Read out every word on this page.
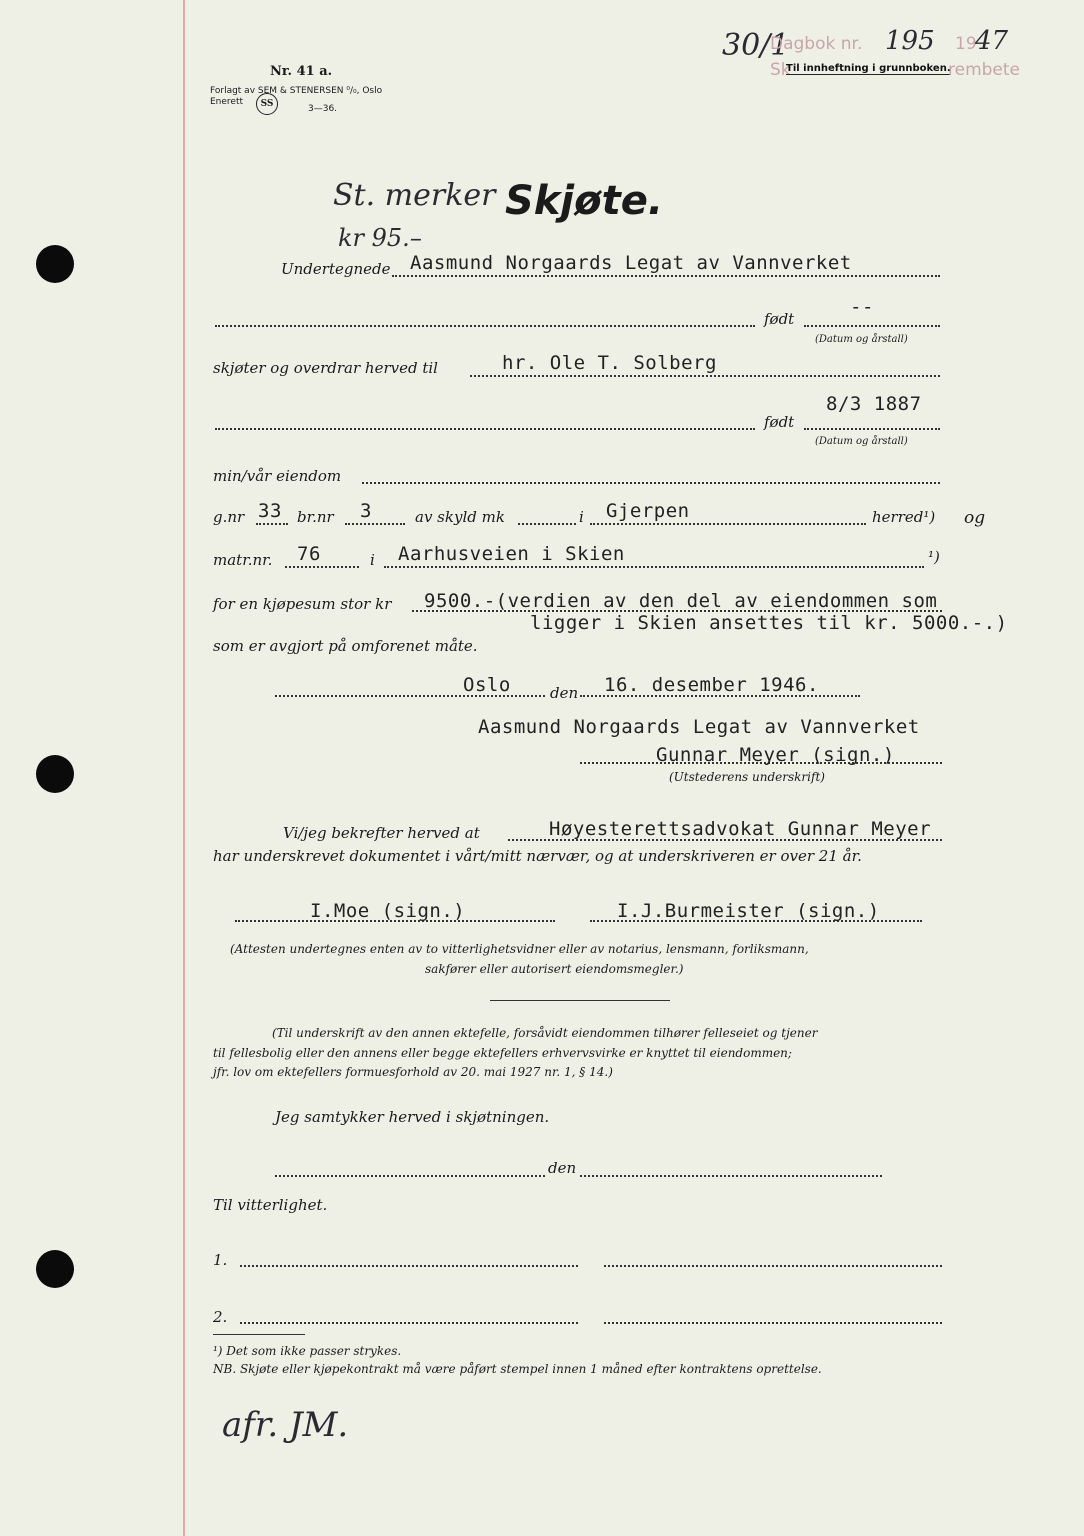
Nr. 41 a.
Forlagt av SEM & STENERSEN ⁰/₀, Oslo
Enerett	SS	3—36.
30/1
Dagbok nr. 195 19
47
Sk
Til innheftning i grunnboken.
rembete
St. merker
kr 95.–
Skjøte.
Undertegnede Aasmund Norgaards Legat av Vannverket
født
--
(Datum og årstall)
skjøter og overdrar herved til	hr. Ole T. Solberg
født
8/3 1887
(Datum og årstall)
min/vår eiendom
g.nr 33 br.nr 3	av skyld mk	i Gjerpen	herred¹) og
matr.nr. 76	i Aarhusveien i Skien	¹)
for en kjøpesum stor kr 9500.-(verdien av den del av eiendommen som
ligger i Skien ansettes til kr. 5000.-.)
som er avgjort på omforenet måte.
Oslo	den 16. desember 1946.
Aasmund Norgaards Legat av Vannverket
Gunnar Meyer (sign.)
(Utstederens underskrift)
Vi/jeg bekrefter herved at	Høyesterettsadvokat Gunnar Meyer
har underskrevet dokumentet i vårt/mitt nærvær, og at underskriveren er over 21 år.
I.Moe (sign.)	I.J.Burmeister (sign.)
(Attesten undertegnes enten av to vitterlighetsvidner eller av notarius, lensmann, forliksmann,
sakfører eller autorisert eiendomsmegler.)
(Til underskrift av den annen ektefelle, forsåvidt eiendommen tilhører felleseiet og tjener
til fellesbolig eller den annens eller begge ektefellers erhvervsvirke er knyttet til eiendommen;
jfr. lov om ektefellers formuesforhold av 20. mai 1927 nr. 1, § 14.)
Jeg samtykker herved i skjøtningen.
den
Til vitterlighet.
1.
2.
¹) Det som ikke passer strykes.
NB. Skjøte eller kjøpekontrakt må være påført stempel innen 1 måned efter kontraktens oprettelse.
afr. JM.
